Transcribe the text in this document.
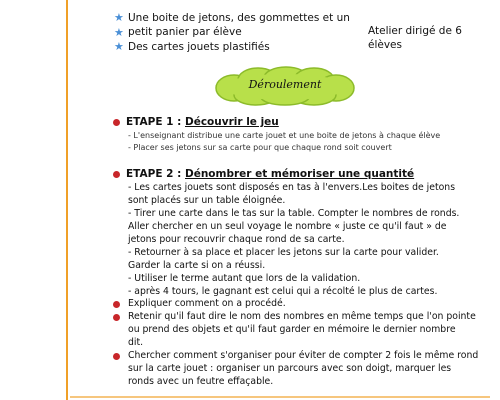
★ Une boite de jetons, des gommettes et un
petit panier par élève
★ Des cartes jouets plastifiés
★	Atelier dirigé de 6
élèves
Déroulement
ETAPE 1 : Découvrir le jeu
- L'enseignant distribue une carte jouet et une boite de jetons à chaque élève
- Placer ses jetons sur sa carte pour que chaque rond soit couvert
ETAPE 2 : Dénombrer et mémoriser une quantité
- Les cartes jouets sont disposés en tas à l'envers.Les boites de jetons
sont placés sur un table éloignée.
- Tirer une carte dans le tas sur la table. Compter le nombres de ronds.
Aller chercher en un seul voyage le nombre « juste ce qu'il faut » de
jetons pour recouvrir chaque rond de sa carte.
- Retourner à sa place et placer les jetons sur la carte pour valider.
Garder la carte si on a réussi.
- Utiliser le terme autant que lors de la validation.
- après 4 tours, le gagnant est celui qui a récolté le plus de cartes.
Expliquer comment on a procédé.
Retenir qu'il faut dire le nom des nombres en même temps que l'on pointe
ou prend des objets et qu'il faut garder en mémoire le dernier nombre
dit.
Chercher comment s'organiser pour éviter de compter 2 fois le même rond
sur la carte jouet : organiser un parcours avec son doigt, marquer les
ronds avec un feutre effaçable.
